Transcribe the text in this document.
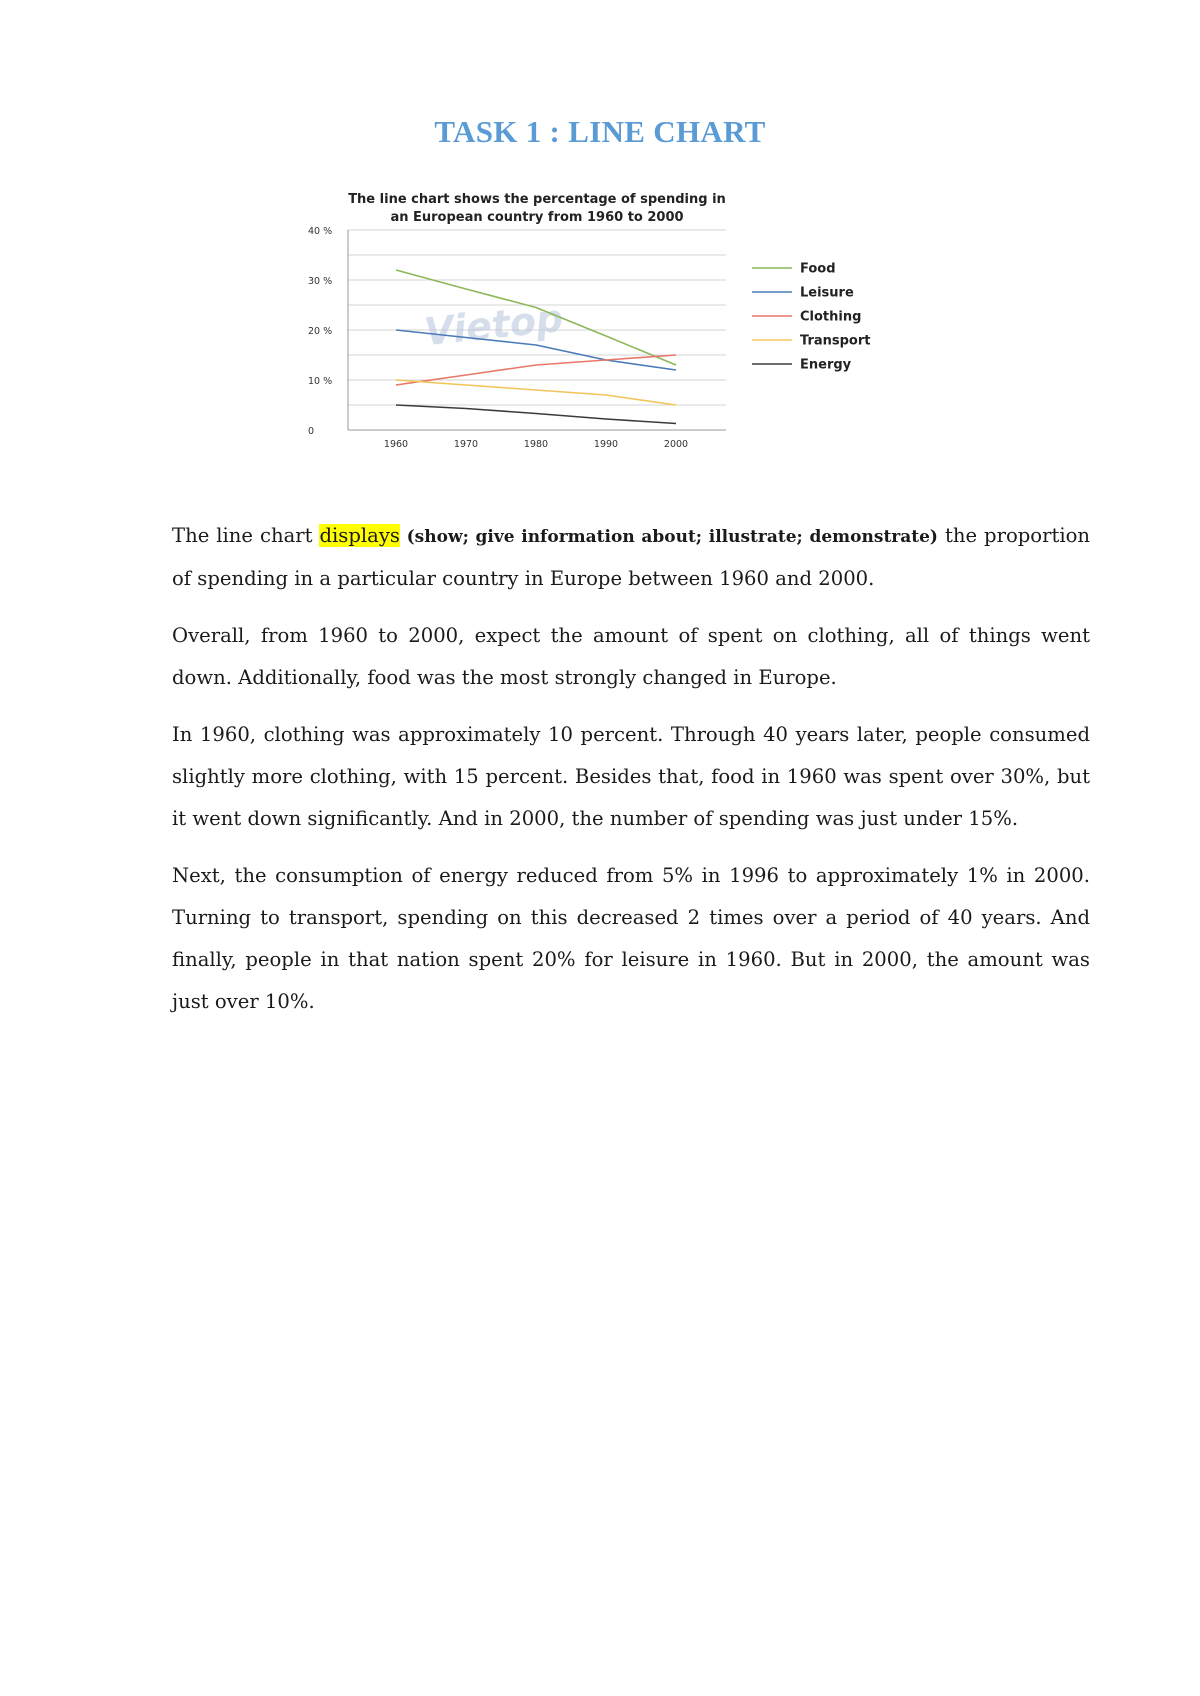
TASK 1 : LINE CHART
The line chart shows the percentage of spending in
an European country from 1960 to 2000
0
10 %
20 %
30 %
40 %
1960	1970	1980	1990	2000
Vietop
Food
Leisure
Clothing
Transport
Energy

The line chart displays (show; give information about; illustrate; demonstrate) the proportion of spending in a particular country in Europe between 1960 and 2000.

Overall, from 1960 to 2000, expect the amount of spent on clothing, all of things went down. Additionally, food was the most strongly changed in Europe.

In 1960, clothing was approximately 10 percent. Through 40 years later, people consumed slightly more clothing, with 15 percent. Besides that, food in 1960 was spent over 30%, but it went down significantly. And in 2000, the number of spending was just under 15%.

Next, the consumption of energy reduced from 5% in 1996 to approximately 1% in 2000. Turning to transport, spending on this decreased 2 times over a period of 40 years. And finally, people in that nation spent 20% for leisure in 1960. But in 2000, the amount was just over 10%.
